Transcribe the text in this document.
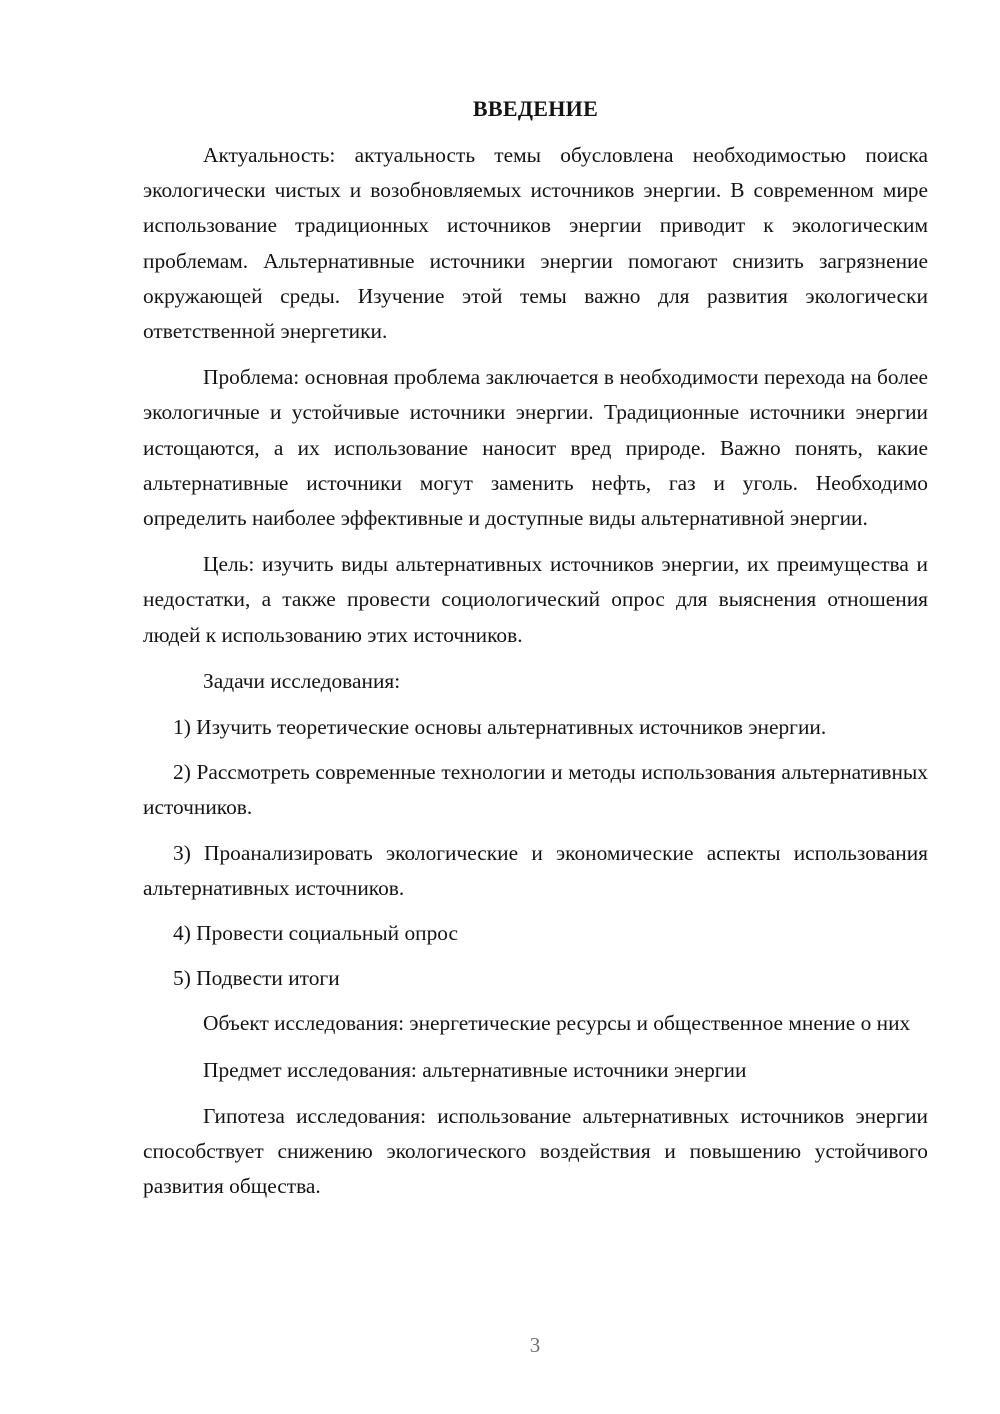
ВВЕДЕНИЕ

Актуальность: актуальность темы обусловлена необходимостью поиска экологически чистых и возобновляемых источников энергии. В современном мире использование традиционных источников энергии приводит к экологическим проблемам. Альтернативные источники энергии помогают снизить загрязнение окружающей среды. Изучение этой темы важно для развития экологически ответственной энергетики.

Проблема: основная проблема заключается в необходимости перехода на более экологичные и устойчивые источники энергии. Традиционные источники энергии истощаются, а их использование наносит вред природе. Важно понять, какие альтернативные источники могут заменить нефть, газ и уголь. Необходимо определить наиболее эффективные и доступные виды альтернативной энергии.

Цель: изучить виды альтернативных источников энергии, их преимущества и недостатки, а также провести социологический опрос для выяснения отношения людей к использованию этих источников.

Задачи исследования:

1) Изучить теоретические основы альтернативных источников энергии.

2) Рассмотреть современные технологии и методы использования альтернативных источников.

3) Проанализировать экологические и экономические аспекты использования альтернативных источников.

4) Провести социальный опрос

5) Подвести итоги

Объект исследования: энергетические ресурсы и общественное мнение о них

Предмет исследования: альтернативные источники энергии

Гипотеза исследования: использование альтернативных источников энергии способствует снижению экологического воздействия и повышению устойчивого развития общества.

3
